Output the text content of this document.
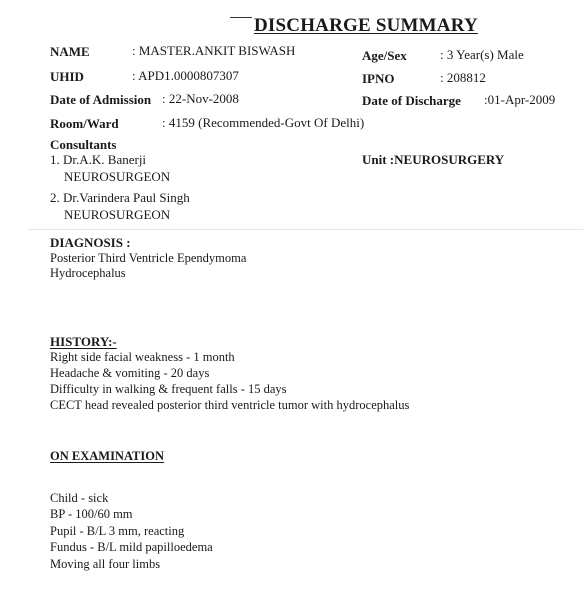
DISCHARGE SUMMARY
NAME	: MASTER.ANKIT BISWASH	Age/Sex	: 3 Year(s) Male
UHID	: APD1.0000807307	IPNO	: 208812
Date of Admission : 22-Nov-2008	Date of Discharge :01-Apr-2009
Room/Ward	: 4159 (Recommended-Govt Of Delhi)
Consultants
Unit :NEUROSURGERY
1. Dr.A.K. Banerji
NEUROSURGEON
2. Dr.Varindera Paul Singh
NEUROSURGEON
DIAGNOSIS :
Posterior Third Ventricle Ependymoma
Hydrocephalus
HISTORY:-
Right side facial weakness - 1 month
Headache & vomiting - 20 days
Difficulty in walking & frequent falls - 15 days
CECT head revealed posterior third ventricle tumor with hydrocephalus
ON EXAMINATION
Child - sick
BP - 100/60 mm
Pupil - B/L 3 mm, reacting
Fundus - B/L mild papilloedema
Moving all four limbs
